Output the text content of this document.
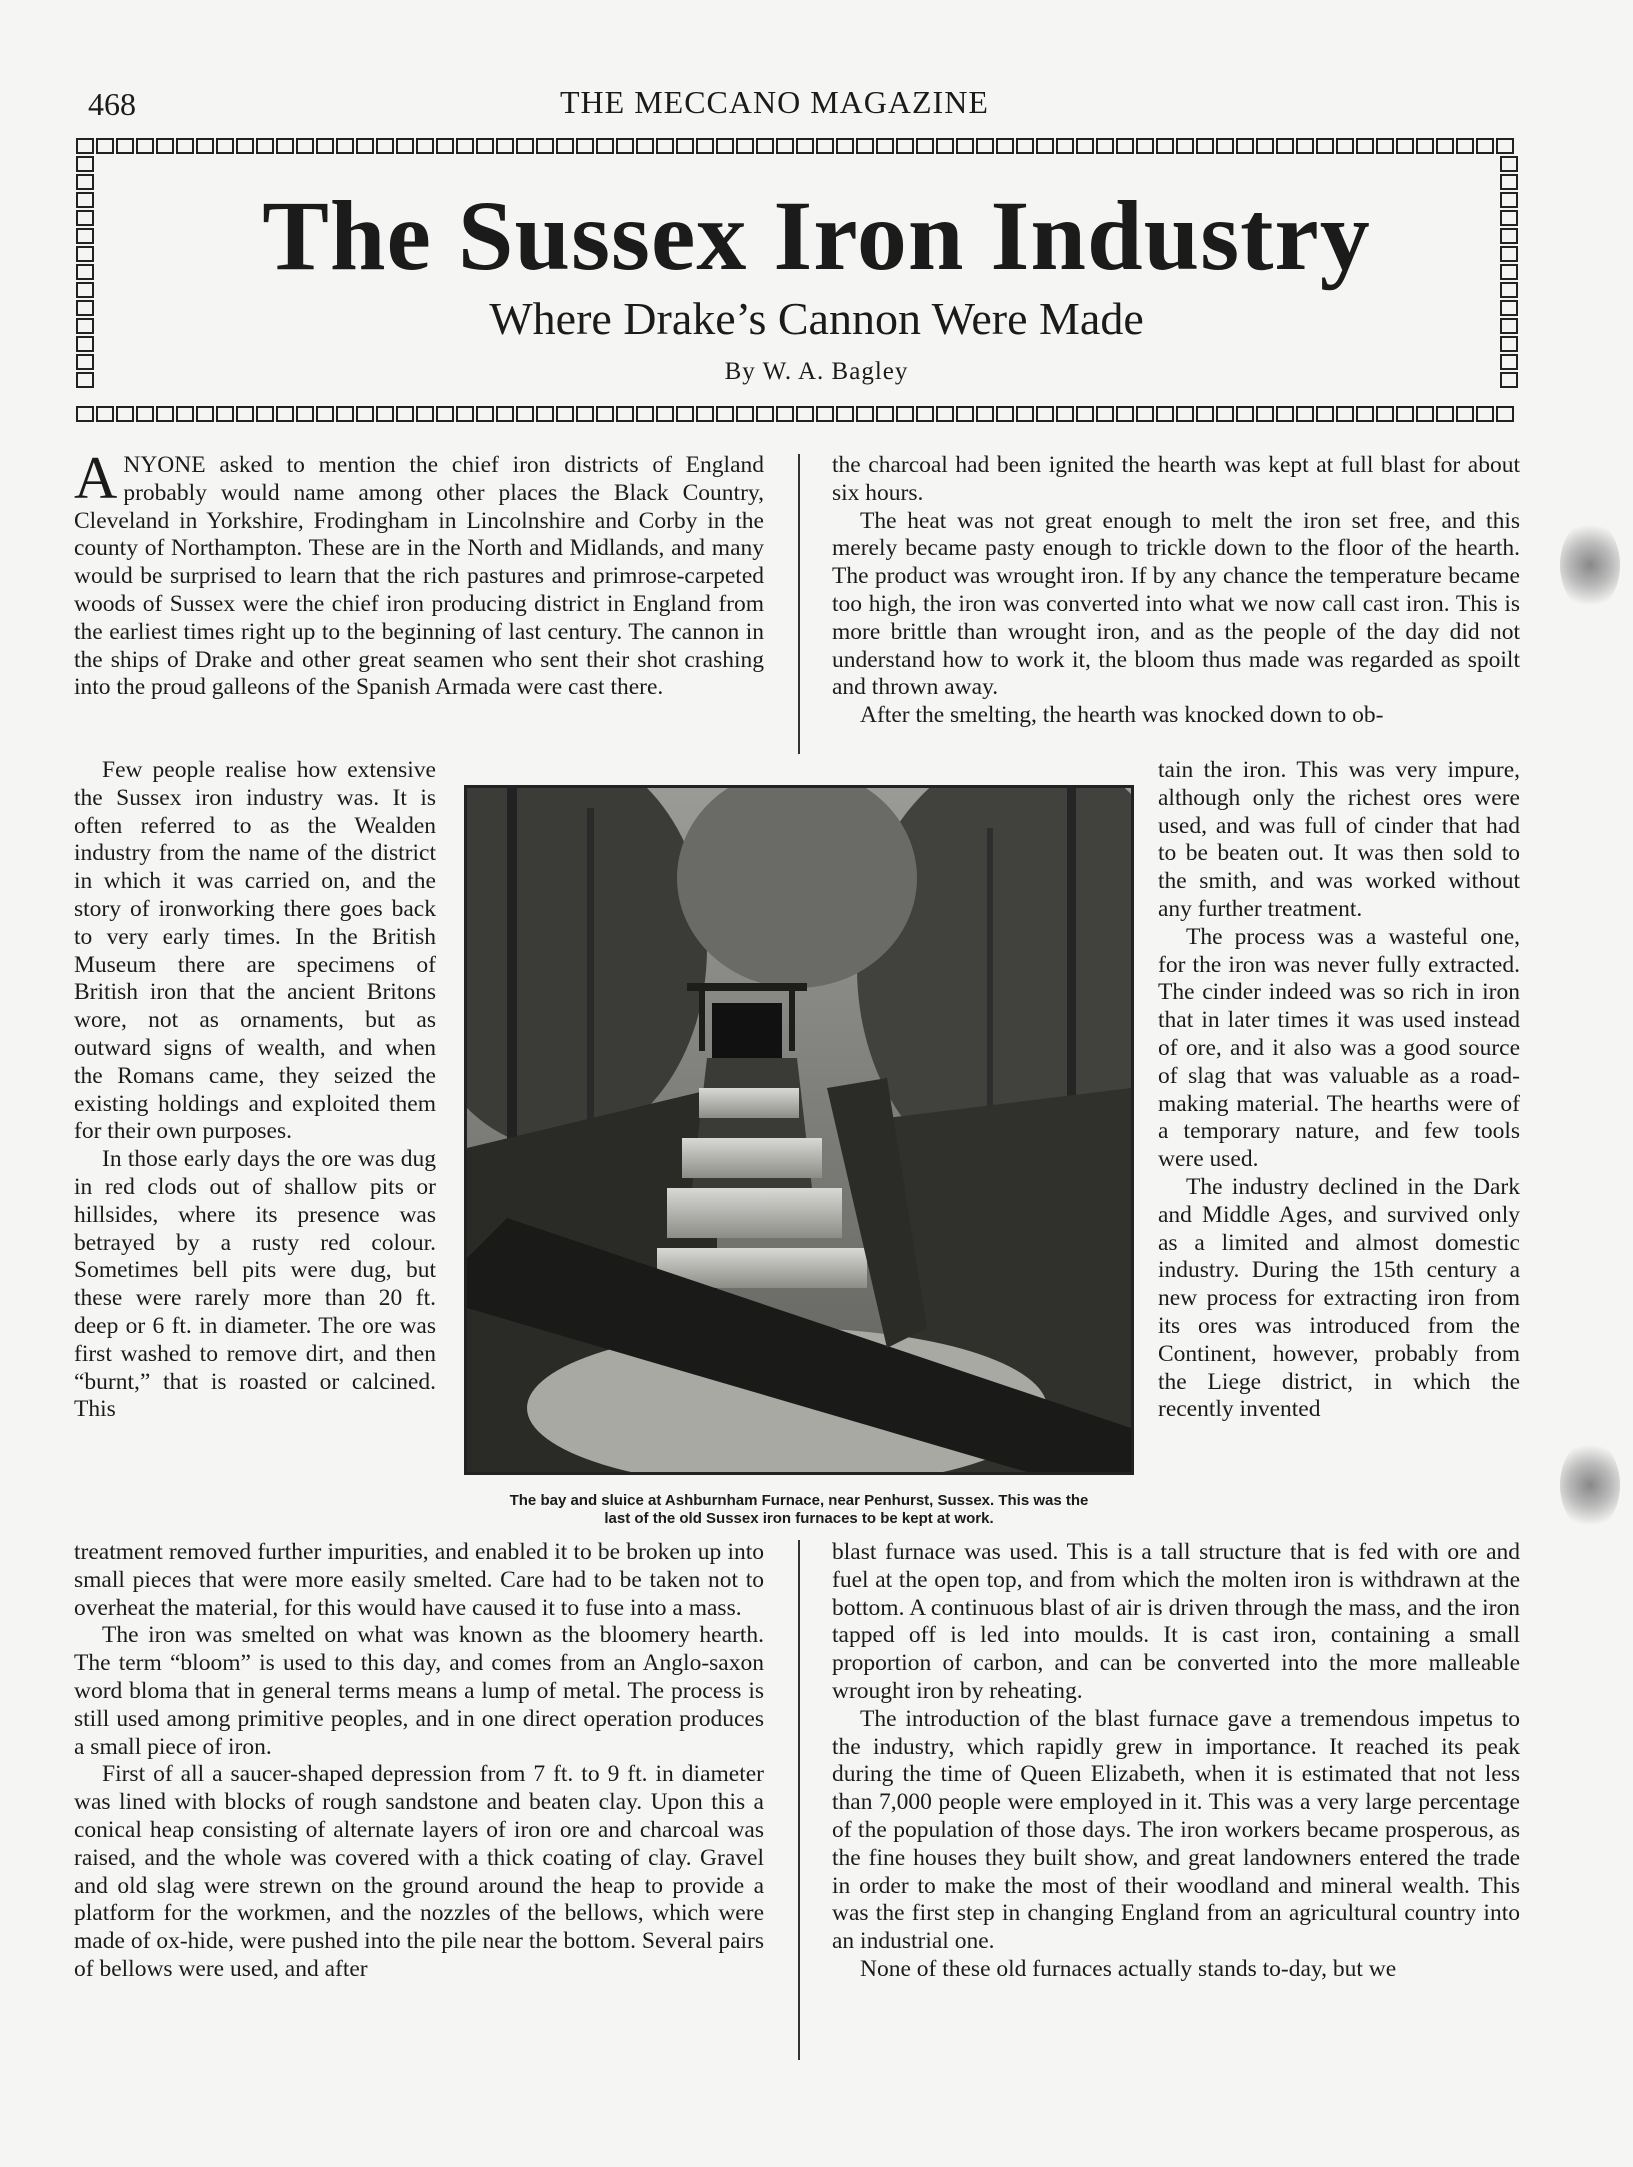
468	THE MECCANO MAGAZINE
The Sussex Iron Industry
Where Drake’s Cannon Were Made
By W. A. Bagley

ANYONE asked to mention the chief iron districts of England probably would name among other places the Black Country, Cleveland in Yorkshire, Frodingham in Lincolnshire and Corby in the county of Northampton. These are in the North and Midlands, and many would be surprised to learn that the rich pastures and primrose-carpeted woods of Sussex were the chief iron producing district in England from the earliest times right up to the beginning of last century. The cannon in the ships of Drake and other great seamen who sent their shot crashing into the proud galleons of the Spanish Armada were cast there.

Few people realise how extensive the Sussex iron industry was. It is often referred to as the Wealden industry from the name of the district in which it was carried on, and the story of ironworking there goes back to very early times. In the British Museum there are specimens of British iron that the ancient Britons wore, not as ornaments, but as outward signs of wealth, and when the Romans came, they seized the existing holdings and exploited them for their own purposes.

In those early days the ore was dug in red clods out of shallow pits or hillsides, where its presence was betrayed by a rusty red colour. Sometimes bell pits were dug, but these were rarely more than 20 ft. deep or 6 ft. in diameter. The ore was first washed to remove dirt, and then “burnt,” that is roasted or calcined. This

treatment removed further impurities, and enabled it to be broken up into small pieces that were more easily smelted. Care had to be taken not to overheat the material, for this would have caused it to fuse into a mass.

The iron was smelted on what was known as the bloomery hearth. The term “bloom” is used to this day, and comes from an Anglo-saxon word bloma that in general terms means a lump of metal. The process is still used among primitive peoples, and in one direct operation produces a small piece of iron.

First of all a saucer-shaped depression from 7 ft. to 9 ft. in diameter was lined with blocks of rough sandstone and beaten clay. Upon this a conical heap consisting of alternate layers of iron ore and charcoal was raised, and the whole was covered with a thick coating of clay. Gravel and old slag were strewn on the ground around the heap to provide a platform for the workmen, and the nozzles of the bellows, which were made of ox-hide, were pushed into the pile near the bottom. Several pairs of bellows were used, and after

the charcoal had been ignited the hearth was kept at full blast for about six hours.

The heat was not great enough to melt the iron set free, and this merely became pasty enough to trickle down to the floor of the hearth. The product was wrought iron. If by any chance the temperature became too high, the iron was converted into what we now call cast iron. This is more brittle than wrought iron, and as the people of the day did not understand how to work it, the bloom thus made was regarded as spoilt and thrown away.

After the smelting, the hearth was knocked down to ob-

tain the iron. This was very impure, although only the richest ores were used, and was full of cinder that had to be beaten out. It was then sold to the smith, and was worked without any further treatment.

The process was a wasteful one, for the iron was never fully extracted. The cinder indeed was so rich in iron that in later times it was used instead of ore, and it also was a good source of slag that was valuable as a road-making material. The hearths were of a temporary nature, and few tools were used.

The industry declined in the Dark and Middle Ages, and survived only as a limited and almost domestic industry. During the 15th century a new process for extracting iron from its ores was introduced from the Continent, however, probably from the Liege district, in which the recently invented

blast furnace was used. This is a tall structure that is fed with ore and fuel at the open top, and from which the molten iron is withdrawn at the bottom. A continuous blast of air is driven through the mass, and the iron tapped off is led into moulds. It is cast iron, containing a small proportion of carbon, and can be converted into the more malleable wrought iron by reheating.

The introduction of the blast furnace gave a tremendous impetus to the industry, which rapidly grew in importance. It reached its peak during the time of Queen Elizabeth, when it is estimated that not less than 7,000 people were employed in it. This was a very large percentage of the population of those days. The iron workers became prosperous, as the fine houses they built show, and great landowners entered the trade in order to make the most of their woodland and mineral wealth. This was the first step in changing England from an agricultural country into an industrial one.

None of these old furnaces actually stands to-day, but we

The bay and sluice at Ashburnham Furnace, near Penhurst, Sussex. This was the
last of the old Sussex iron furnaces to be kept at work.
